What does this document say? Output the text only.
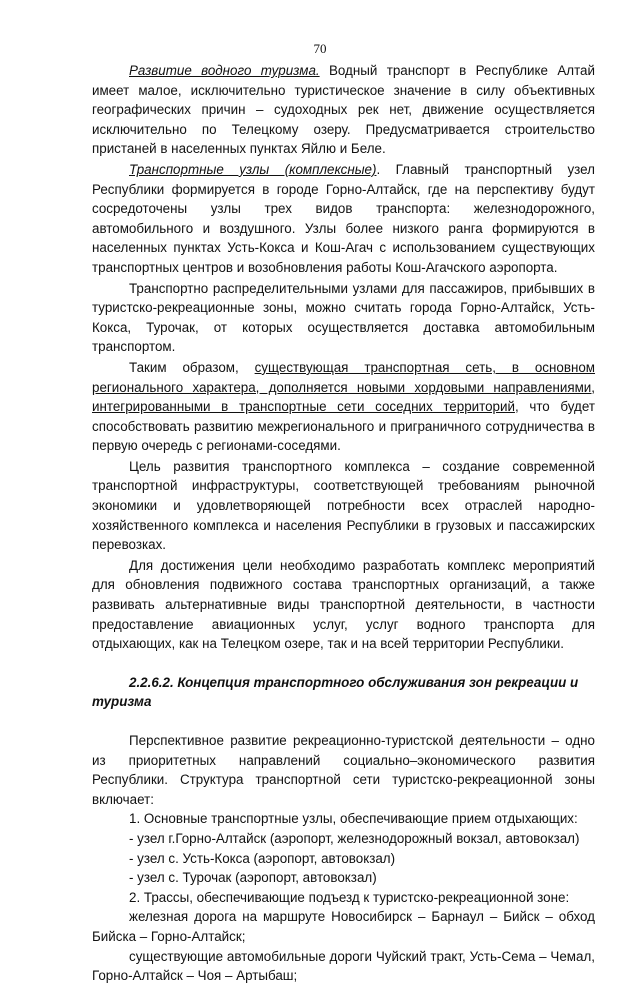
70

Развитие водного туризма. Водный транспорт в Республике Алтай имеет малое, исключительно туристическое значение в силу объективных географических причин – судоходных рек нет, движение осуществляется исключительно по Телецкому озеру. Предусматривается строительство пристаней в населенных пунктах Яйлю и Беле.

Транспортные узлы (комплексные). Главный транспортный узел Республики формируется в городе Горно-Алтайск, где на перспективу будут сосредоточены узлы трех видов транспорта: железнодорожного, автомобильного и воздушного. Узлы более низкого ранга формируются в населенных пунктах Усть-Кокса и Кош-Агач с использованием существующих транспортных центров и возобновления работы Кош-Агачского аэропорта.

Транспортно распределительными узлами для пассажиров, прибывших в туристско-рекреационные зоны, можно считать города Горно-Алтайск, Усть-Кокса, Турочак, от которых осуществляется доставка автомобильным транспортом.

Таким образом, существующая транспортная сеть, в основном регионального характера, дополняется новыми хордовыми направлениями, интегрированными в транспортные сети соседних территорий, что будет способствовать развитию межрегионального и приграничного сотрудничества в первую очередь с регионами-соседями.

Цель развития транспортного комплекса – создание современной транспортной инфраструктуры, соответствующей требованиям рыночной экономики и удовлетворяющей потребности всех отраслей народно-хозяйственного комплекса и населения Республики в грузовых и пассажирских перевозках.

Для достижения цели необходимо разработать комплекс мероприятий для обновления подвижного состава транспортных организаций, а также развивать альтернативные виды транспортной деятельности, в частности предоставление авиационных услуг, услуг водного транспорта для отдыхающих, как на Телецком озере, так и на всей территории Республики.

2.2.6.2. Концепция транспортного обслуживания зон рекреации и туризма

Перспективное развитие рекреационно-туристской деятельности – одно из приоритетных направлений социально–экономического развития Республики. Структура транспортной сети туристско-рекреационной зоны включает:

1. Основные транспортные узлы, обеспечивающие прием отдыхающих:

- узел г.Горно-Алтайск (аэропорт, железнодорожный вокзал, автовокзал)

- узел с. Усть-Кокса (аэропорт, автовокзал)

- узел с. Турочак (аэропорт, автовокзал)

2. Трассы, обеспечивающие подъезд к туристско-рекреационной зоне:

железная дорога на маршруте Новосибирск – Барнаул – Бийск – обход Бийска – Горно-Алтайск;

существующие автомобильные дороги Чуйский тракт, Усть-Сема – Чемал, Горно-Алтайск – Чоя – Артыбаш;
